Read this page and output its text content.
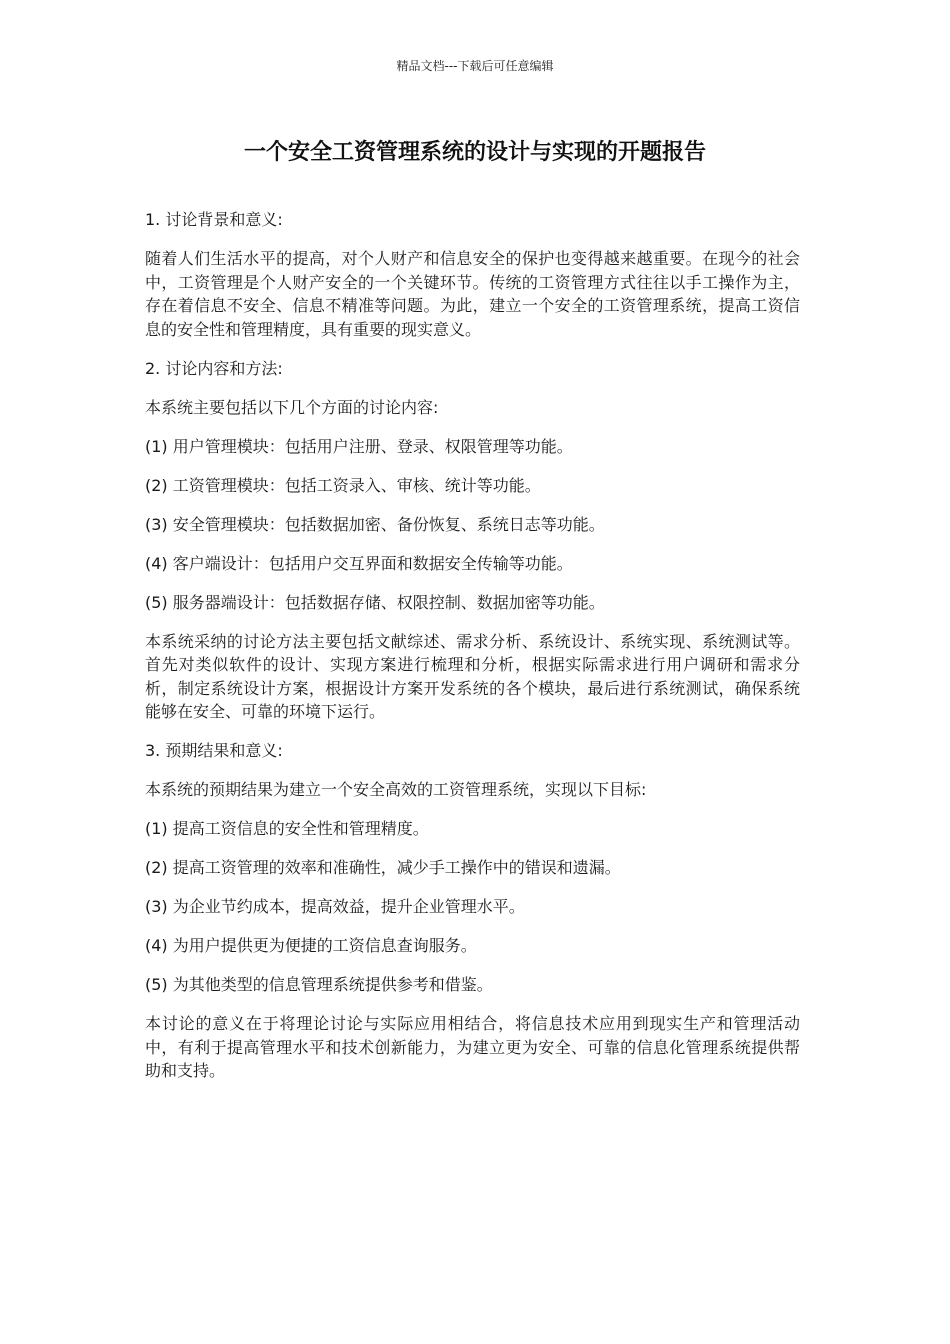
精品文档---下载后可任意编辑
一个安全工资管理系统的设计与实现的开题报告

1. 讨论背景和意义:

随着人们生活水平的提高，对个人财产和信息安全的保护也变得越来越重要。在现今的社会中，工资管理是个人财产安全的一个关键环节。传统的工资管理方式往往以手工操作为主，存在着信息不安全、信息不精准等问题。为此，建立一个安全的工资管理系统，提高工资信息的安全性和管理精度，具有重要的现实意义。

2. 讨论内容和方法:

本系统主要包括以下几个方面的讨论内容:

(1) 用户管理模块：包括用户注册、登录、权限管理等功能。

(2) 工资管理模块：包括工资录入、审核、统计等功能。

(3) 安全管理模块：包括数据加密、备份恢复、系统日志等功能。

(4) 客户端设计：包括用户交互界面和数据安全传输等功能。

(5) 服务器端设计：包括数据存储、权限控制、数据加密等功能。

本系统采纳的讨论方法主要包括文献综述、需求分析、系统设计、系统实现、系统测试等。首先对类似软件的设计、实现方案进行梳理和分析，根据实际需求进行用户调研和需求分析，制定系统设计方案，根据设计方案开发系统的各个模块，最后进行系统测试，确保系统能够在安全、可靠的环境下运行。

3. 预期结果和意义:

本系统的预期结果为建立一个安全高效的工资管理系统，实现以下目标:

(1) 提高工资信息的安全性和管理精度。

(2) 提高工资管理的效率和准确性，减少手工操作中的错误和遗漏。

(3) 为企业节约成本，提高效益，提升企业管理水平。

(4) 为用户提供更为便捷的工资信息查询服务。

(5) 为其他类型的信息管理系统提供参考和借鉴。

本讨论的意义在于将理论讨论与实际应用相结合，将信息技术应用到现实生产和管理活动中，有利于提高管理水平和技术创新能力，为建立更为安全、可靠的信息化管理系统提供帮助和支持。
